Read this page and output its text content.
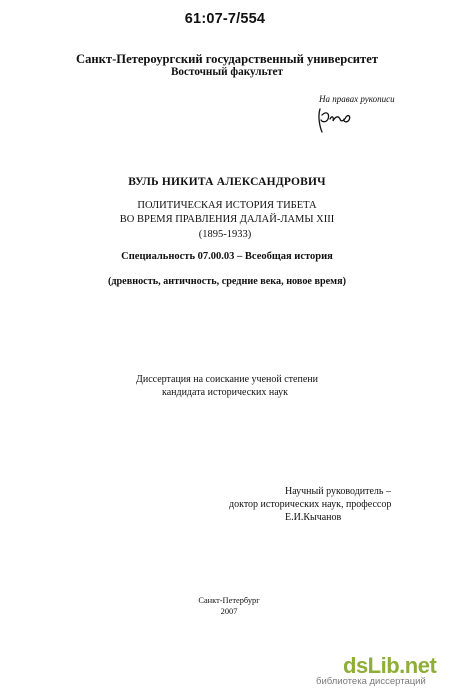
61:07-7/554

Санкт-Петероургский государственный университет

Восточный факультет

На правах рукописи

ВУЛЬ НИКИТА АЛЕКСАНДРОВИЧ

ПОЛИТИЧЕСКАЯ ИСТОРИЯ ТИБЕТА

ВО ВРЕМЯ ПРАВЛЕНИЯ ДАЛАЙ-ЛАМЫ XIII

(1895-1933)

Специальность 07.00.03 – Всеобщая история

(древность, античность, средние века, новое время)

Диссертация на соискание ученой степени

кандидата исторических наук

Научный руководитель –

доктор исторических наук, профессор

Е.И.Кычанов

Санкт-Петербург

2007

dsLib.net
библиотека диссертаций
